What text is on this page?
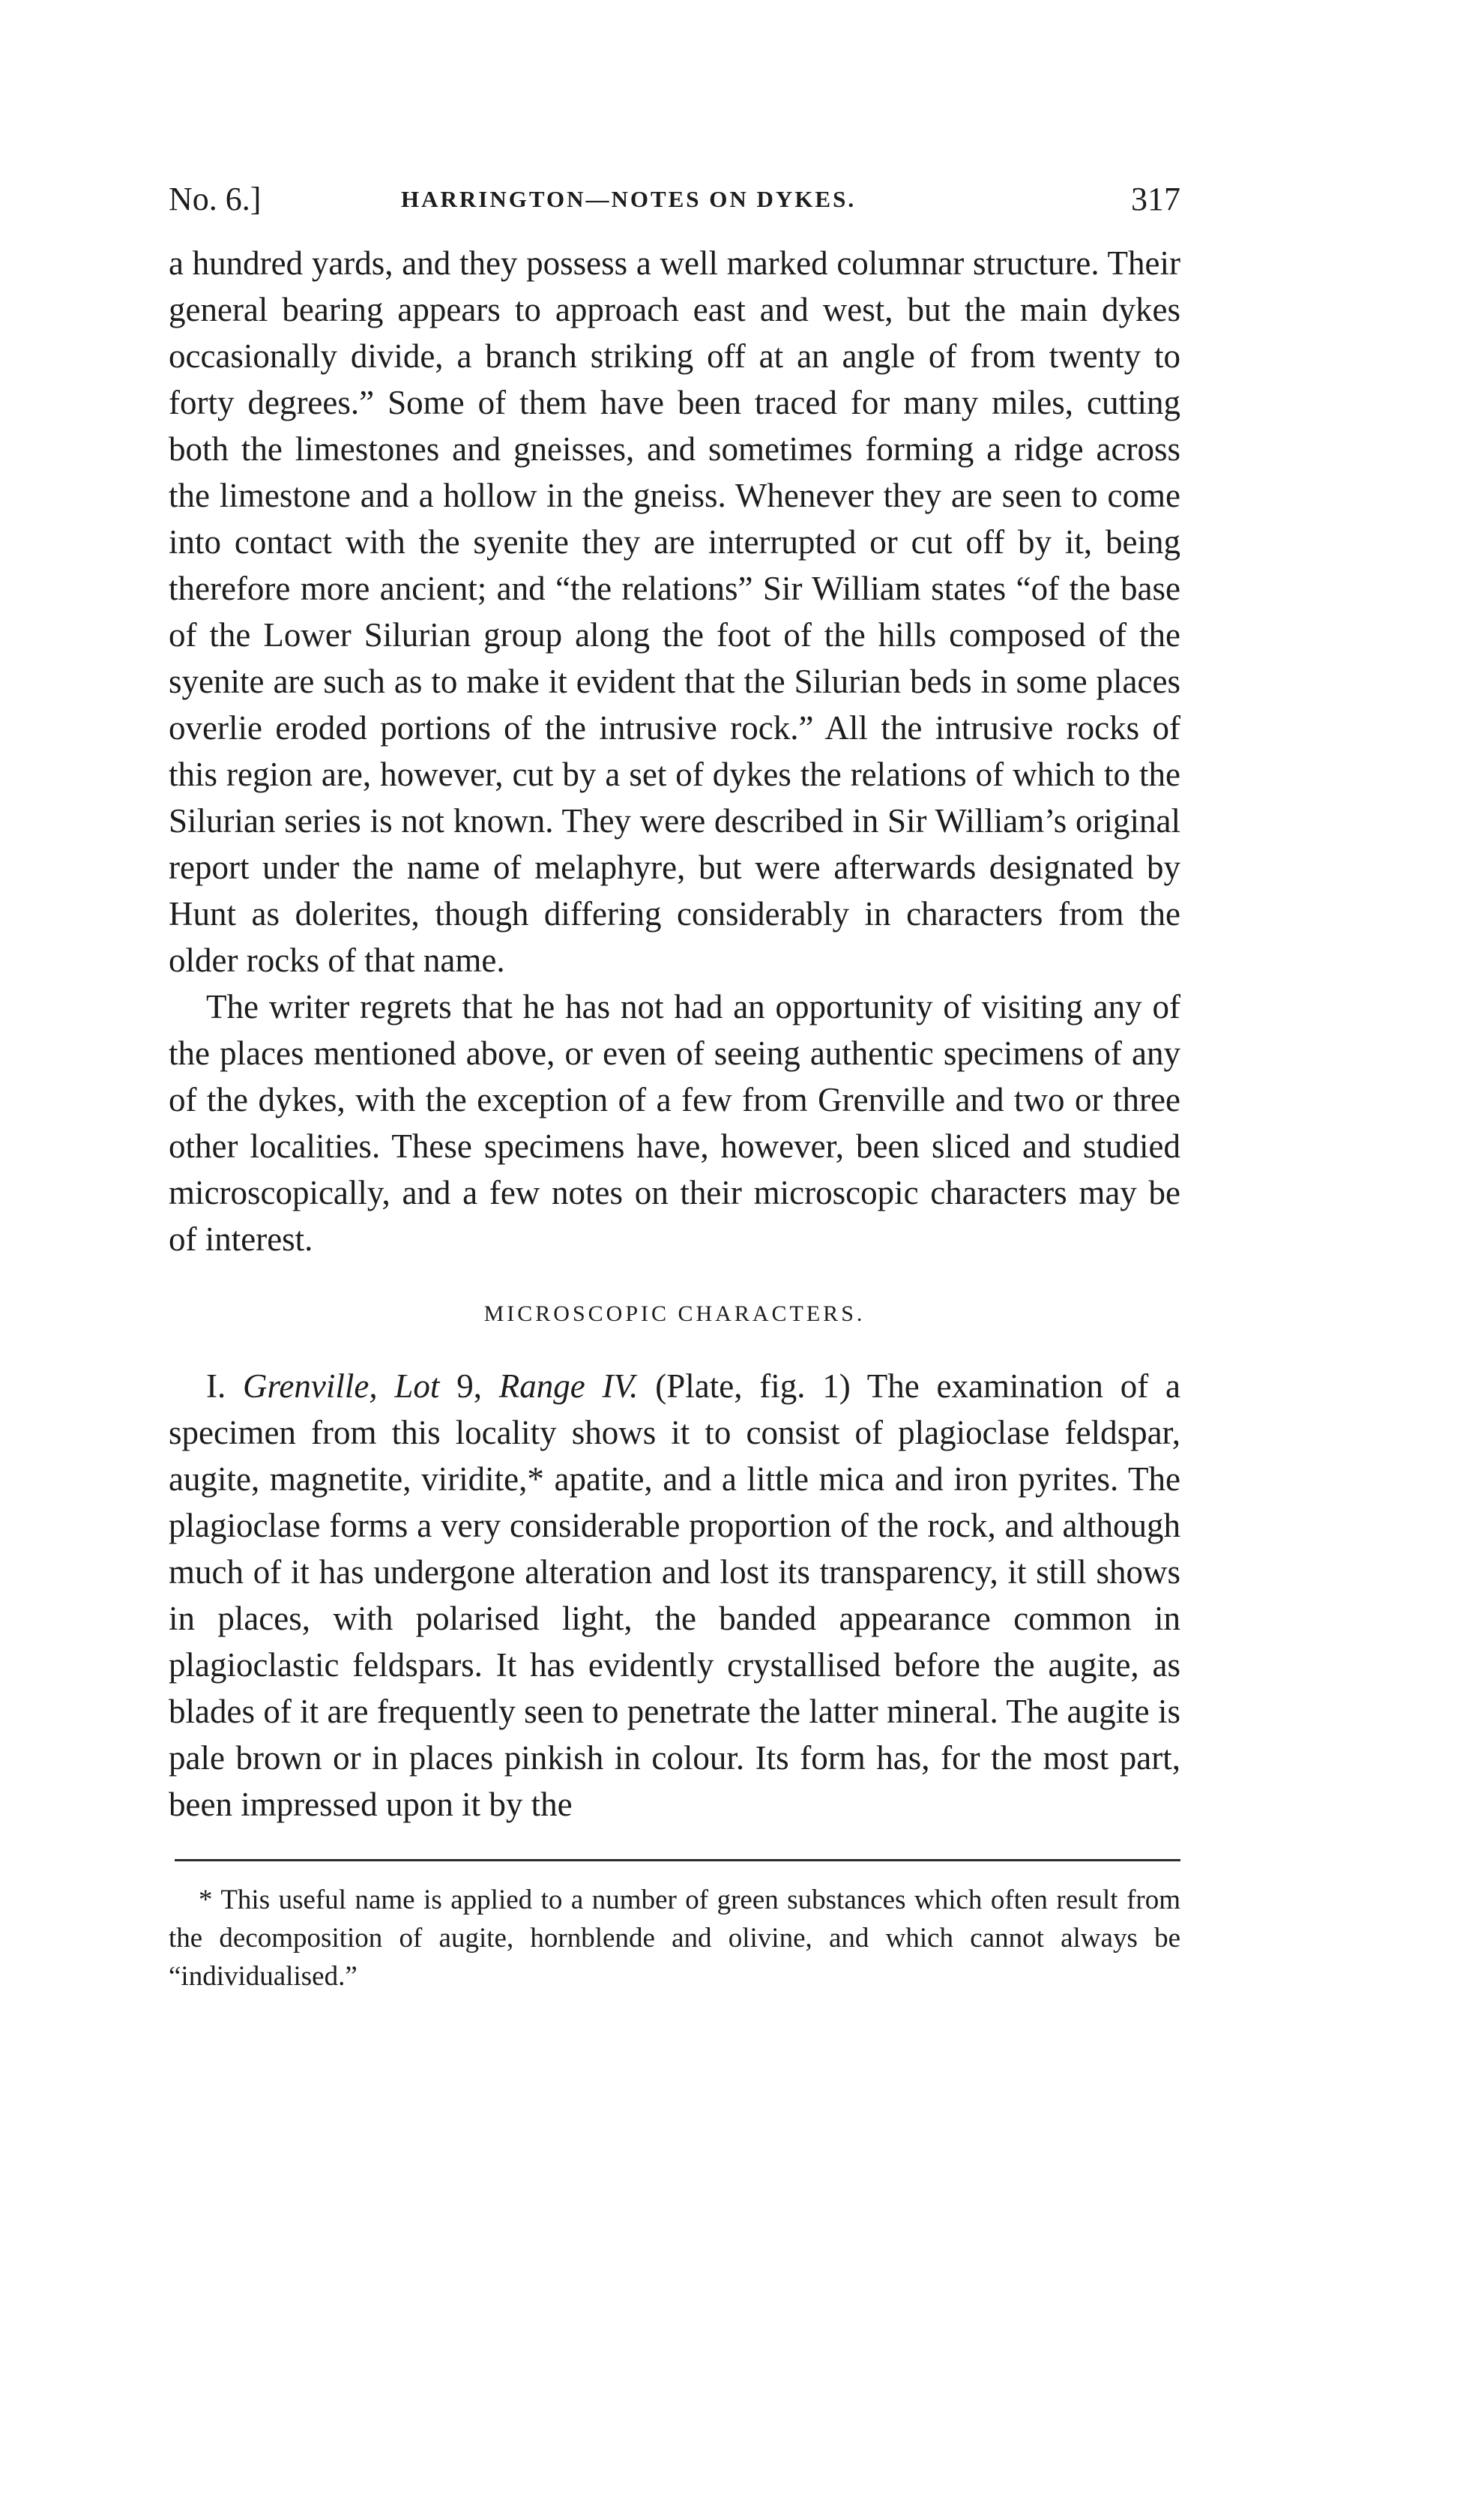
No. 6.]	HARRINGTON—NOTES ON DYKES.	317

a hundred yards, and they possess a well marked columnar structure. Their general bearing appears to approach east and west, but the main dykes occasionally divide, a branch striking off at an angle of from twenty to forty degrees.” Some of them have been traced for many miles, cutting both the limestones and gneisses, and sometimes forming a ridge across the limestone and a hollow in the gneiss. Whenever they are seen to come into contact with the syenite they are interrupted or cut off by it, being therefore more ancient; and “the relations” Sir William states “of the base of the Lower Silurian group along the foot of the hills composed of the syenite are such as to make it evident that the Silurian beds in some places overlie eroded portions of the intrusive rock.” All the intrusive rocks of this region are, however, cut by a set of dykes the relations of which to the Silurian series is not known. They were described in Sir William’s original report under the name of melaphyre, but were afterwards designated by Hunt as dolerites, though differing considerably in characters from the older rocks of that name.

The writer regrets that he has not had an opportunity of visiting any of the places mentioned above, or even of seeing authentic specimens of any of the dykes, with the exception of a few from Grenville and two or three other localities. These specimens have, however, been sliced and studied microscopically, and a few notes on their microscopic characters may be of interest.

MICROSCOPIC CHARACTERS.

I. Grenville, Lot 9, Range IV. (Plate, fig. 1) The examination of a specimen from this locality shows it to consist of plagioclase feldspar, augite, magnetite, viridite,* apatite, and a little mica and iron pyrites. The plagioclase forms a very considerable proportion of the rock, and although much of it has undergone alteration and lost its transparency, it still shows in places, with polarised light, the banded appearance common in plagioclastic feldspars. It has evidently crystallised before the augite, as blades of it are frequently seen to penetrate the latter mineral. The augite is pale brown or in places pinkish in colour. Its form has, for the most part, been impressed upon it by the

* This useful name is applied to a number of green substances which often result from the decomposition of augite, hornblende and olivine, and which cannot always be “individualised.”
